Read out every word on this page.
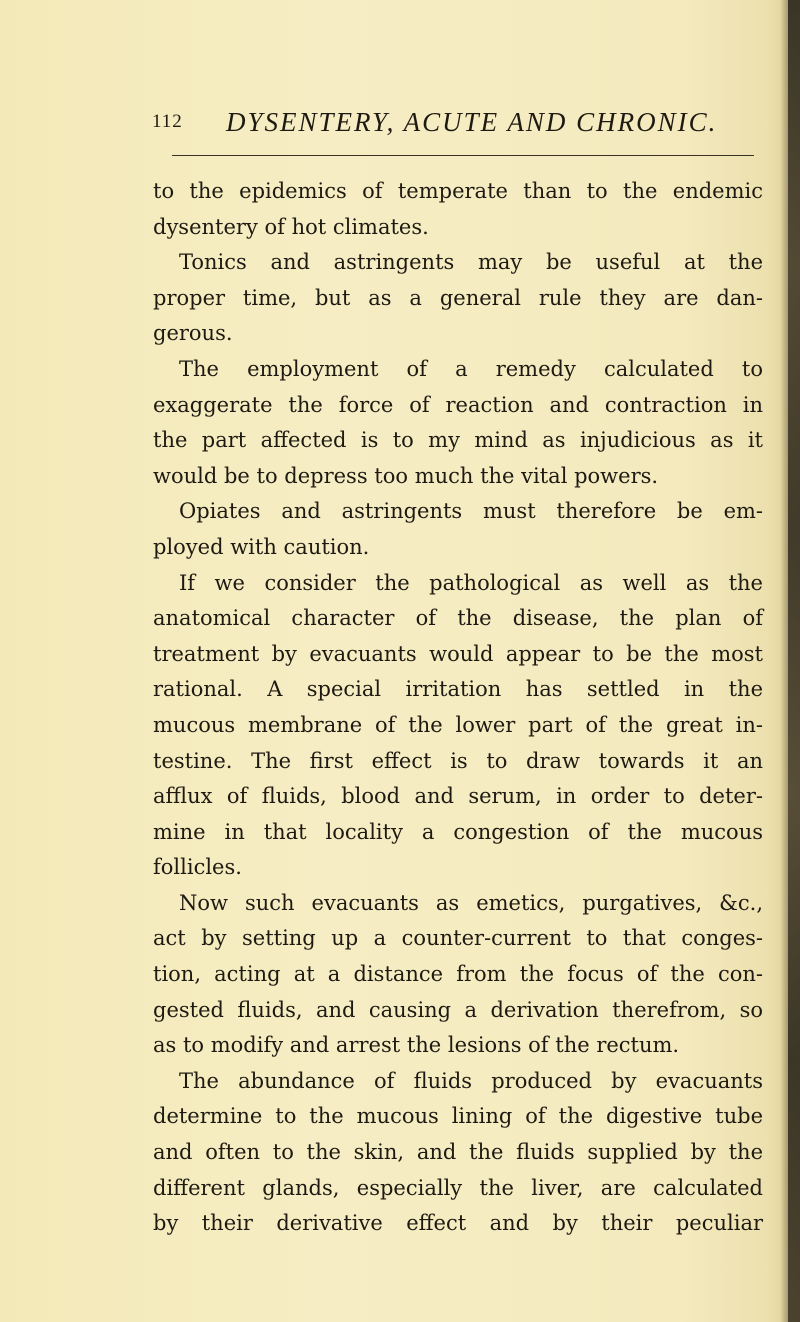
112 DYSENTERY, ACUTE AND CHRONIC.
to the epidemics of temperate than to the endemic
dysentery of hot climates.
Tonics and astringents may be useful at the
proper time, but as a general rule they are dan-
gerous.
The employment of a remedy calculated to
exaggerate the force of reaction and contraction in
the part affected is to my mind as injudicious as it
would be to depress too much the vital powers.
Opiates and astringents must therefore be em-
ployed with caution.
If we consider the pathological as well as the
anatomical character of the disease, the plan of
treatment by evacuants would appear to be the most
rational. A special irritation has settled in the
mucous membrane of the lower part of the great in-
testine. The first effect is to draw towards it an
afflux of fluids, blood and serum, in order to deter-
mine in that locality a congestion of the mucous
follicles.
Now such evacuants as emetics, purgatives, &c.,
act by setting up a counter-current to that conges-
tion, acting at a distance from the focus of the con-
gested fluids, and causing a derivation therefrom, so
as to modify and arrest the lesions of the rectum.
The abundance of fluids produced by evacuants
determine to the mucous lining of the digestive tube
and often to the skin, and the fluids supplied by the
different glands, especially the liver, are calculated
by their derivative effect and by their peculiar
